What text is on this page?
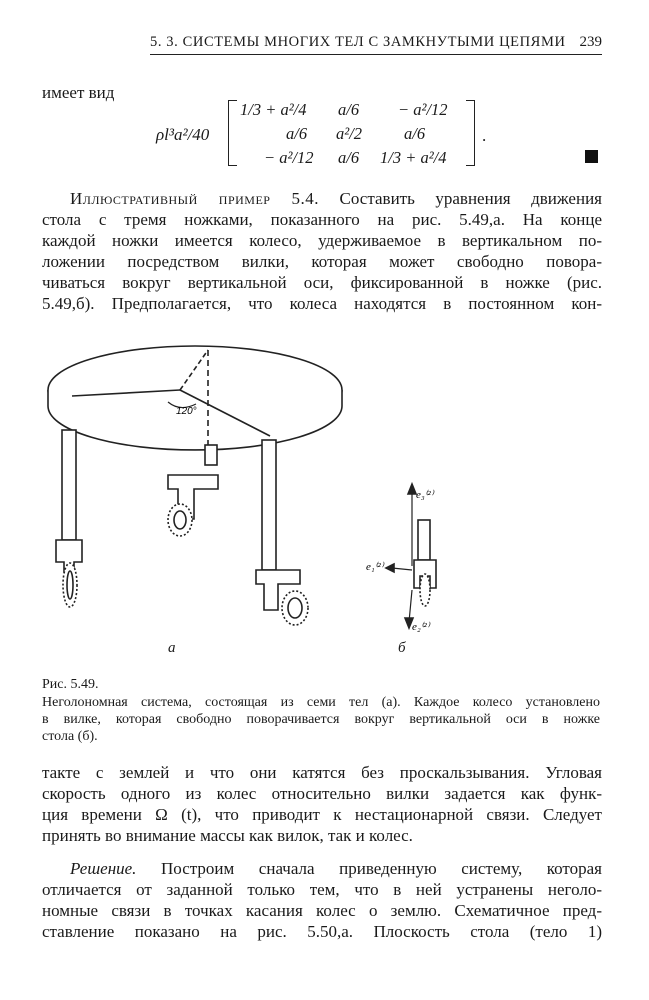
5. 3. СИСТЕМЫ МНОГИХ ТЕЛ С ЗАМКНУТЫМИ ЦЕПЯМИ 239

имеет вид

ρl³a²/40
1/3 + a²/4 a/6 − a²/12
a/6 a²/2	a/6
− a²/12 a/6 1/3 + a²/4
.

Иллюстративный пример 5.4. Составить уравнения движения

стола с тремя ножками, показанного на рис. 5.49,а. На конце

каждой ножки имеется колесо, удерживаемое в вертикальном по-

ложении посредством вилки, которая может свободно повора-

чиваться вокруг вертикальной оси, фиксированной в ножке (рис.

5.49,б). Предполагается, что колеса находятся в постоянном кон-

120°
e₃⁽²⁾
e₁⁽²⁾
e₂⁽²⁾
а	б

Рис. 5.49.

Неголономная система, состоящая из семи тел (а). Каждое колесо установлено

в вилке, которая свободно поворачивается вокруг вертикальной оси в ножке

стола (б).

такте с землей и что они катятся без проскальзывания. Угловая

скорость одного из колес относительно вилки задается как функ-

ция времени Ω (t), что приводит к нестационарной связи. Следует

принять во внимание массы как вилок, так и колес.

Решение. Построим сначала приведенную систему, которая

отличается от заданной только тем, что в ней устранены неголо-

номные связи в точках касания колес о землю. Схематичное пред-

ставление показано на рис. 5.50,а. Плоскость стола (тело 1)
